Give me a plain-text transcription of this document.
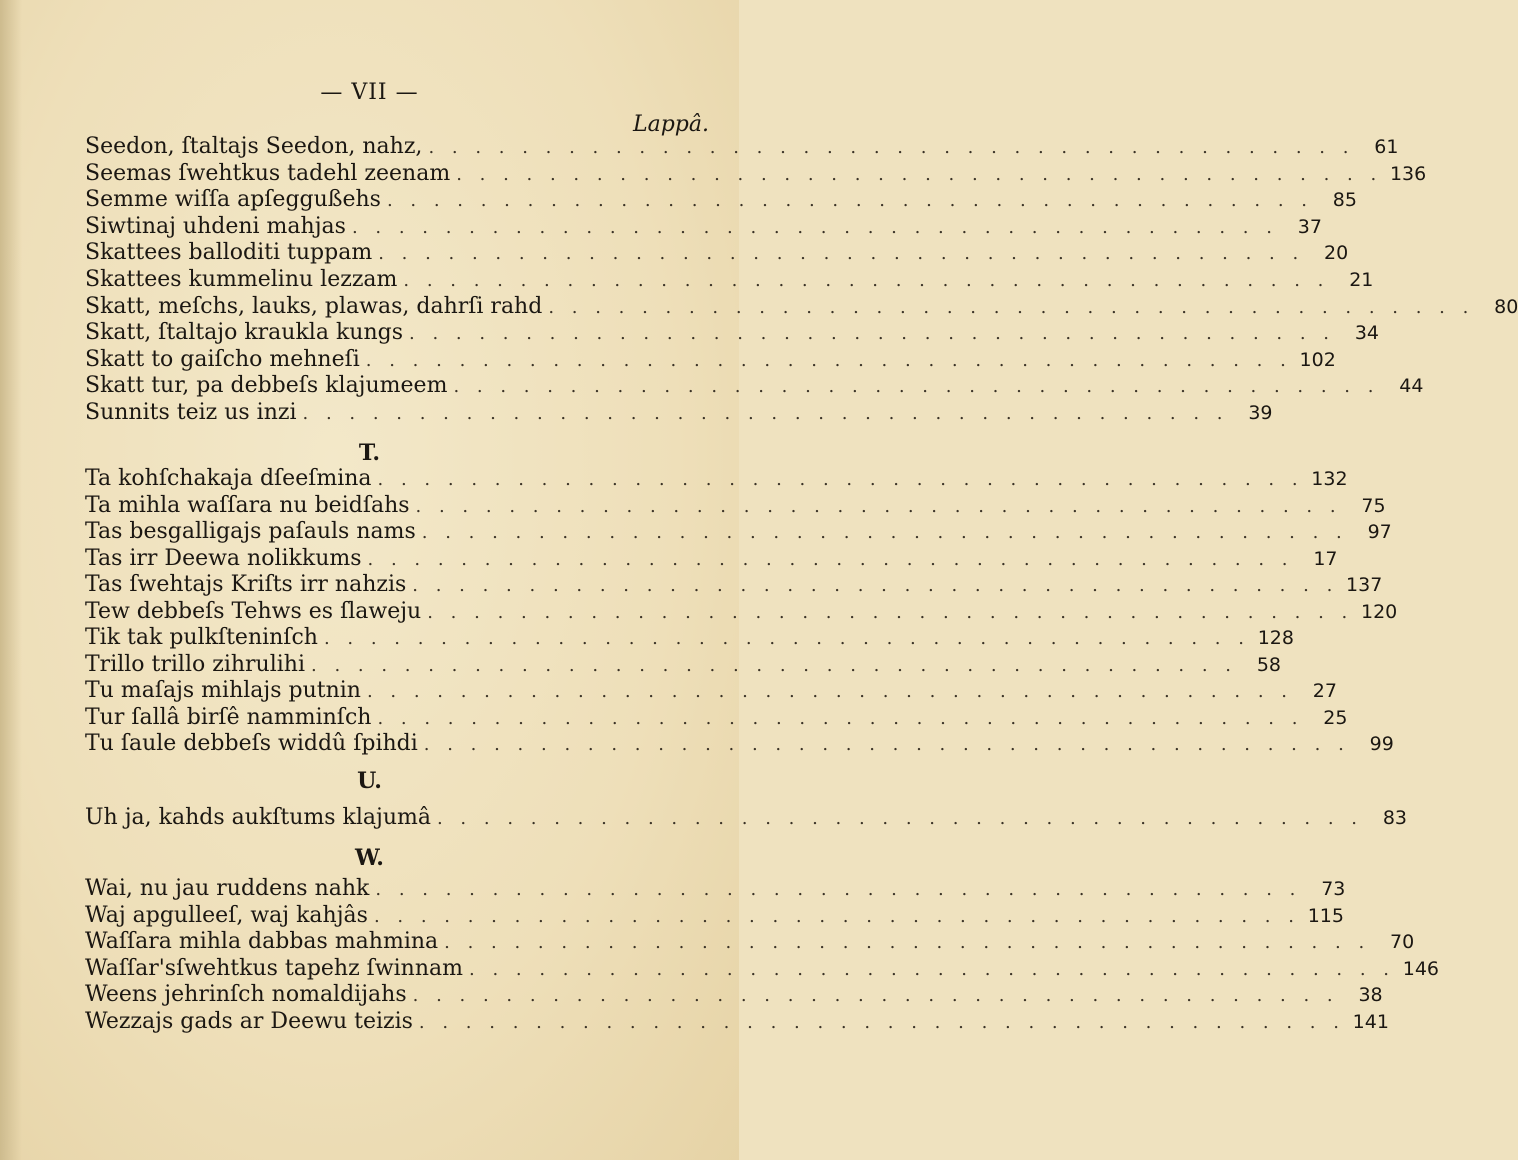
— VII —
Lappâ.
Seedon, ſtaltajs Seedon, nahz, . . .	61
Seemas ſwehtkus tadehl zeenam . . .	136
Semme wiſſa apſeggußehs . . .	85
Siwtinaj uhdeni mahjas . . .	37
Skattees balloditi tuppam . . .	20
Skattees kummelinu lezzam . . .	21
Skatt, meſchs, lauks, plawas, dahrſi rahd . . .	80
Skatt, ſtaltajo kraukla kungs . . .	34
Skatt to gaiſcho mehneſi . . .	102
Skatt tur, pa debbeſs klajumeem . . .	44
Sunnits teiz us inzi . . .	39
T.
Ta kohſchakaja dſeeſmina . . .	132
Ta mihla waſſara nu beidſahs . . .	75
Tas besgalligajs paſauls nams . . .	97
Tas irr Deewa nolikkums . . .	17
Tas ſwehtajs Kriſts irr nahzis . . .	137
Tew debbeſs Tehws es ſlaweju . . .	120
Tik tak pulkſteninſch . . .	128
Trillo trillo zihrulihi . . .	58
Tu maſajs mihlajs putnin . . .	27
Tur ſallâ birſê namminſch . . .	25
Tu ſaule debbeſs widdû ſpihdi . . .	99
U.
Uh ja, kahds aukſtums klajumâ . . .	83
W.
Wai, nu jau ruddens nahk . . .	73
Waj apgulleeſ, waj kahjâs . . .	115
Waſſara mihla dabbas mahmina . . .	70
Waſſar'sſwehtkus tapehz ſwinnam . . .	146
Weens jehrinſch nomaldijahs . . .	38
Wezzajs gads ar Deewu teizis . . .	141
